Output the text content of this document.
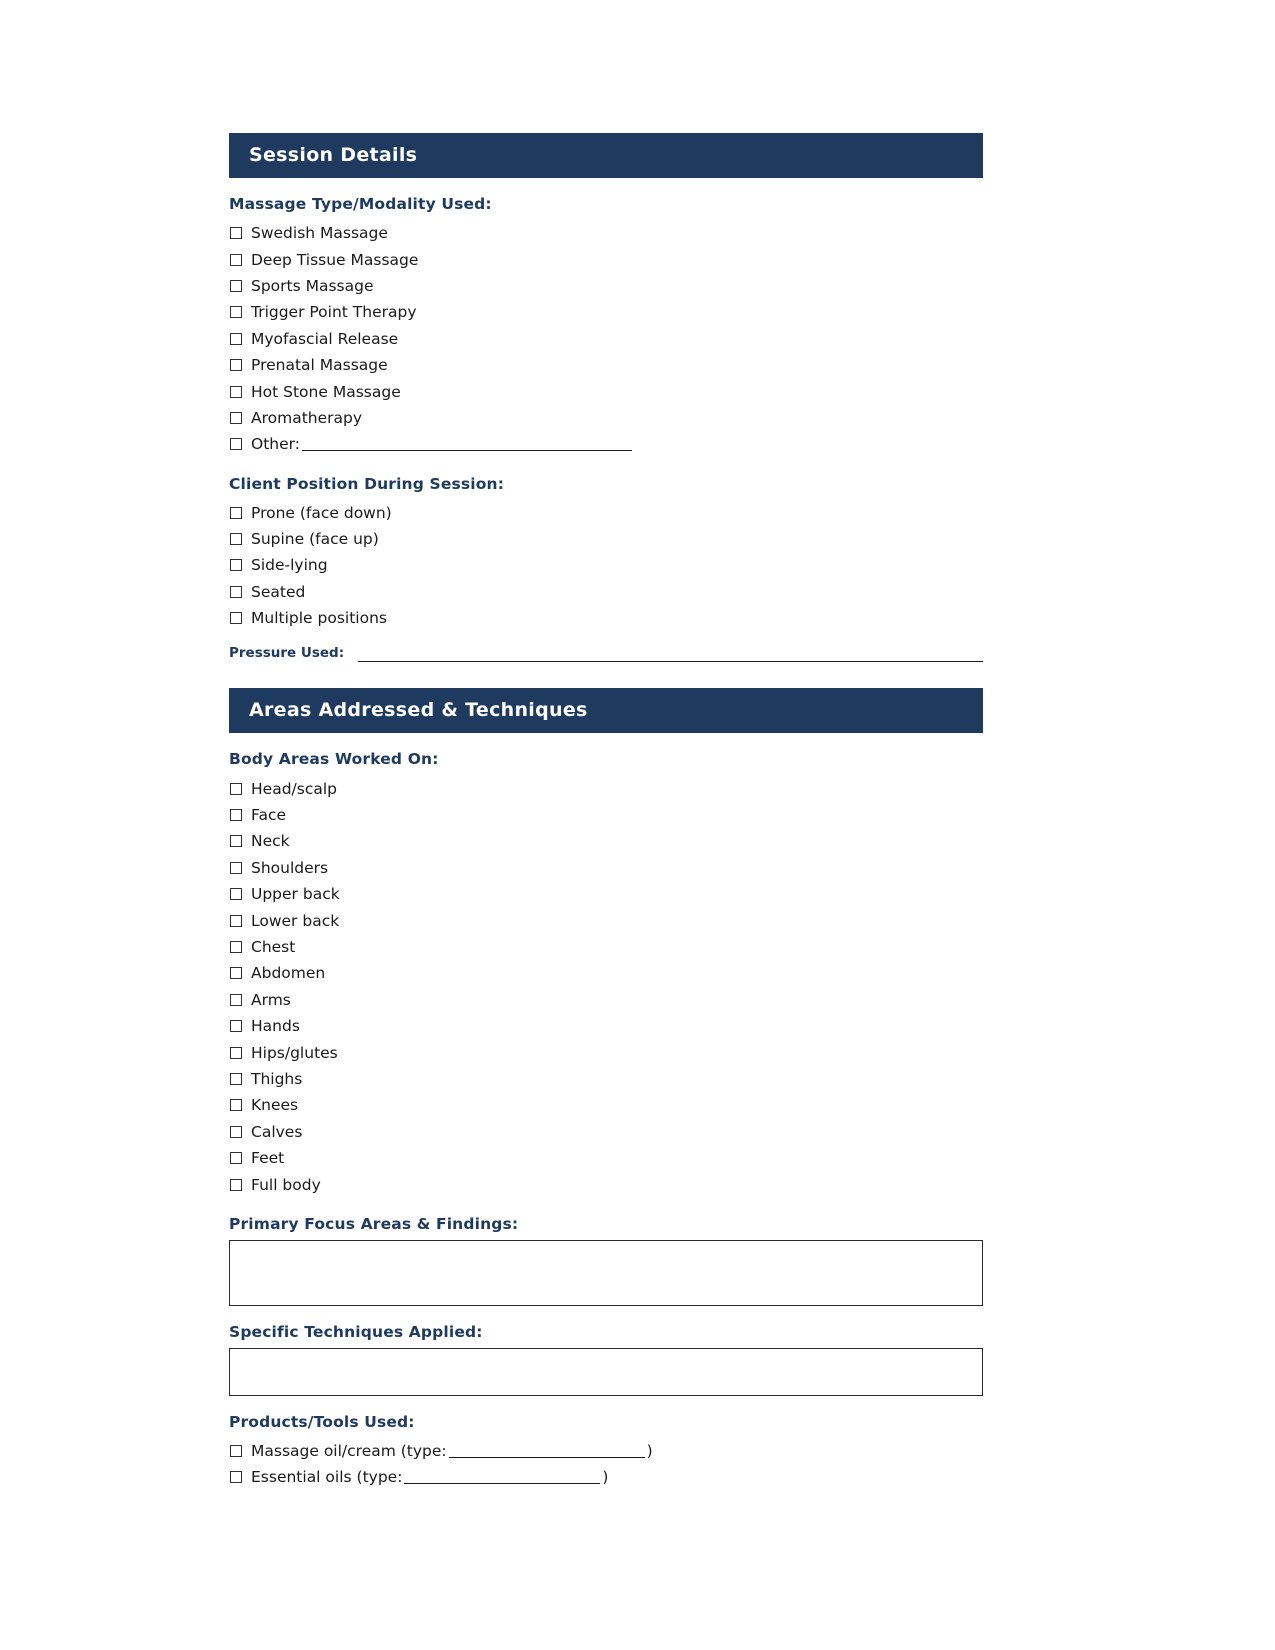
Session Details
Massage Type/Modality Used:
Swedish Massage
Deep Tissue Massage
Sports Massage
Trigger Point Therapy
Myofascial Release
Prenatal Massage
Hot Stone Massage
Aromatherapy
Other:
Client Position During Session:
Prone (face down)
Supine (face up)
Side-lying
Seated
Multiple positions
Pressure Used:
Areas Addressed & Techniques
Body Areas Worked On:
Head/scalp
Face
Neck
Shoulders
Upper back
Lower back
Chest
Abdomen
Arms
Hands
Hips/glutes
Thighs
Knees
Calves
Feet
Full body
Primary Focus Areas & Findings:
Specific Techniques Applied:
Products/Tools Used:
Massage oil/cream (type:	)
Essential oils (type:	)
